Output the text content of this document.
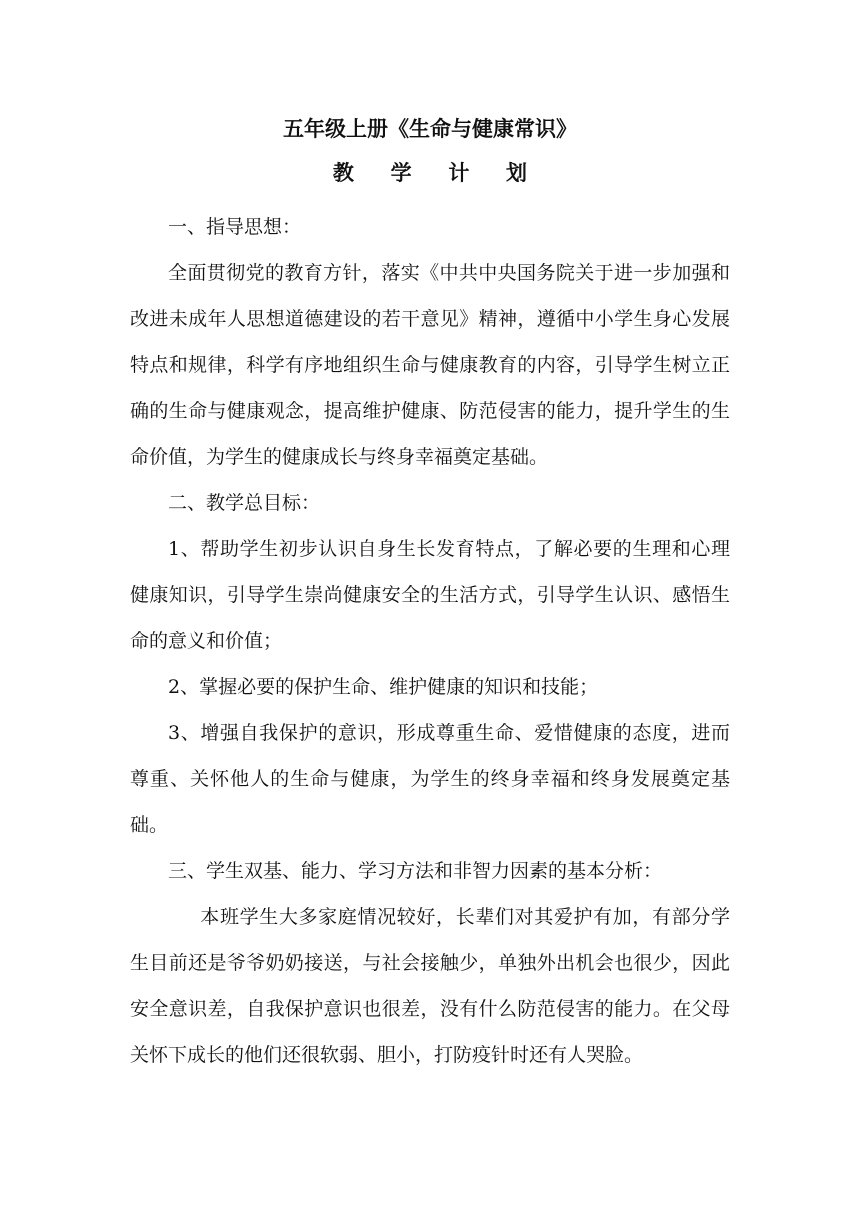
五年级上册《生命与健康常识》
教 学 计 划

一、指导思想：

全面贯彻党的教育方针，落实《中共中央国务院关于进一步加强和改进未成年人思想道德建设的若干意见》精神，遵循中小学生身心发展特点和规律，科学有序地组织生命与健康教育的内容，引导学生树立正确的生命与健康观念，提高维护健康、防范侵害的能力，提升学生的生命价值，为学生的健康成长与终身幸福奠定基础。

二、教学总目标：

1、帮助学生初步认识自身生长发育特点，了解必要的生理和心理健康知识，引导学生崇尚健康安全的生活方式，引导学生认识、感悟生命的意义和价值；

2、掌握必要的保护生命、维护健康的知识和技能；

3、增强自我保护的意识，形成尊重生命、爱惜健康的态度，进而尊重、关怀他人的生命与健康，为学生的终身幸福和终身发展奠定基础。

三、学生双基、能力、学习方法和非智力因素的基本分析：

本班学生大多家庭情况较好，长辈们对其爱护有加，有部分学生目前还是爷爷奶奶接送，与社会接触少，单独外出机会也很少，因此安全意识差，自我保护意识也很差，没有什么防范侵害的能力。在父母关怀下成长的他们还很软弱、胆小，打防疫针时还有人哭脸。
